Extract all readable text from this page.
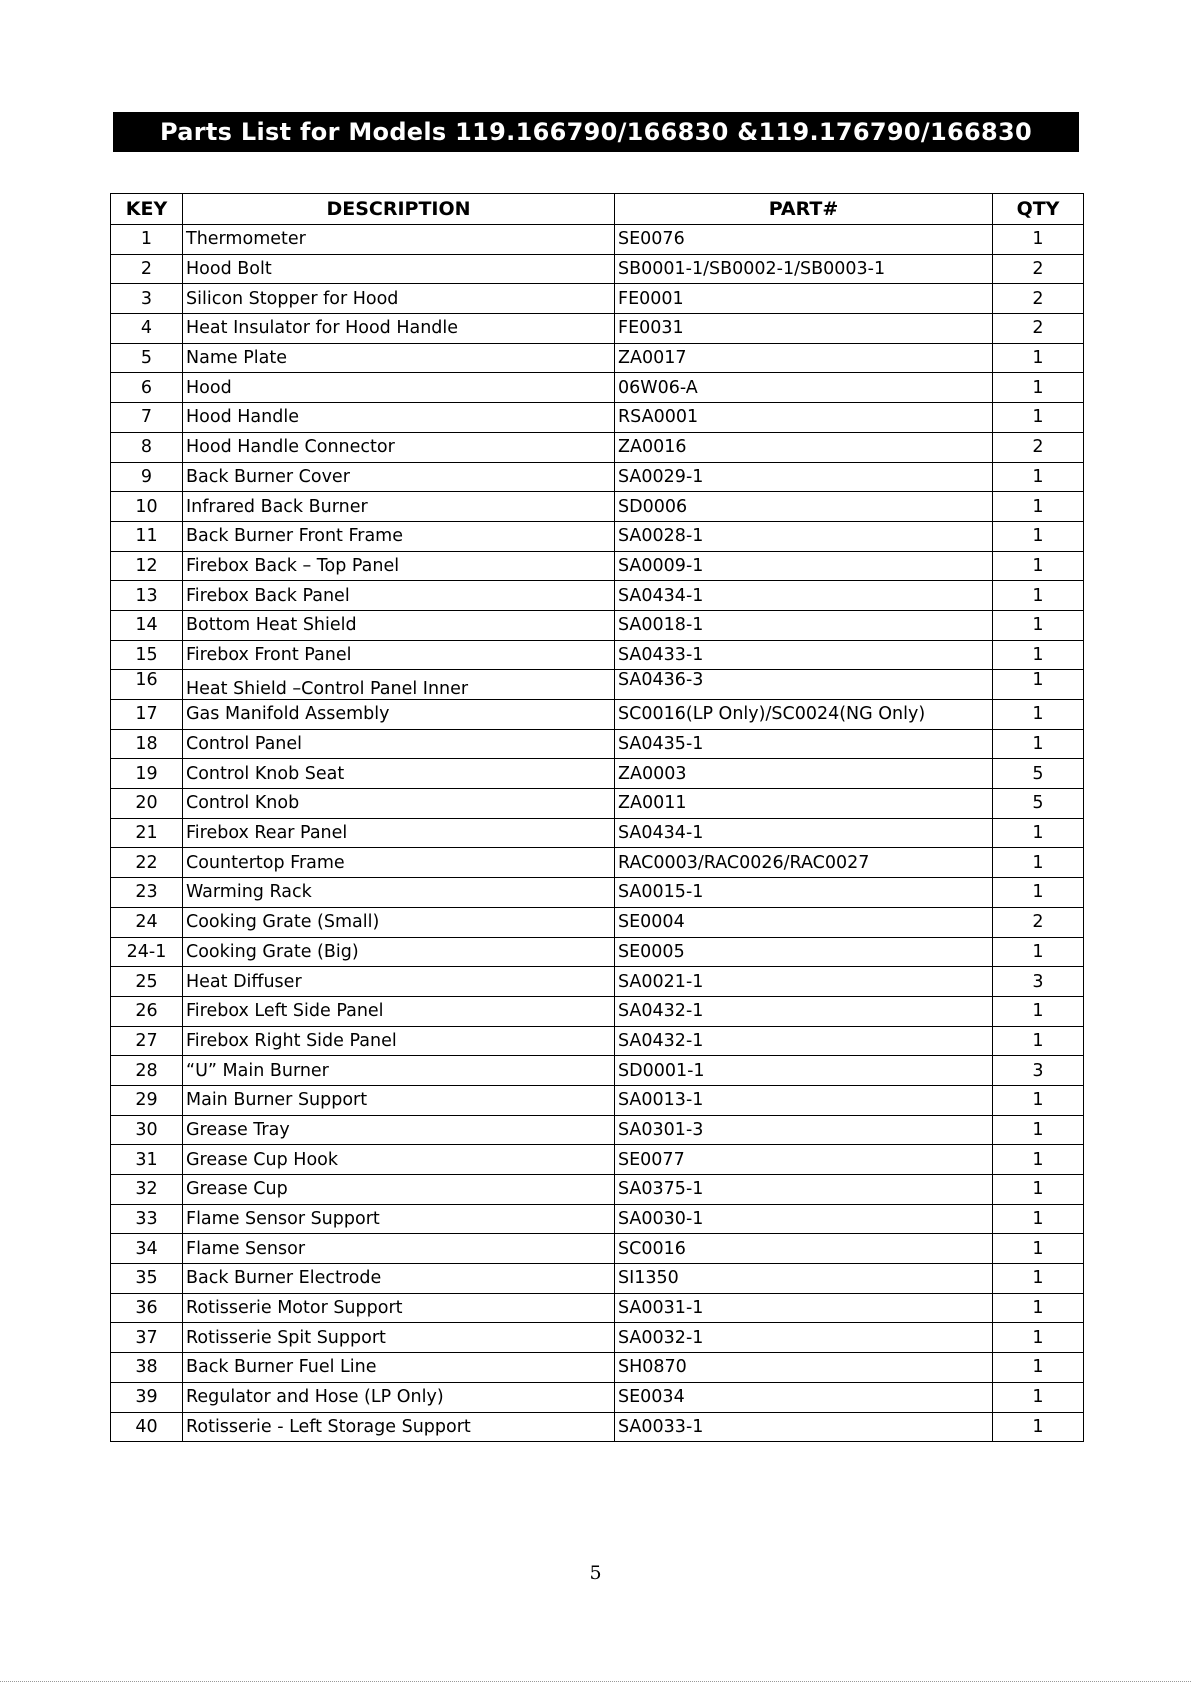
Parts List for Models 119.166790/166830 &119.176790/166830
KEY	DESCRIPTION	PART#	QTY
1	Thermometer	SE0076	1
2	Hood Bolt	SB0001-1/SB0002-1/SB0003-1	2
3	Silicon Stopper for Hood	FE0001	2
4	Heat Insulator for Hood Handle	FE0031	2
5	Name Plate	ZA0017	1
6	Hood	06W06-A	1
7	Hood Handle	RSA0001	1
8	Hood Handle Connector	ZA0016	2
9	Back Burner Cover	SA0029-1	1
10	Infrared Back Burner	SD0006	1
11	Back Burner Front Frame	SA0028-1	1
12	Firebox Back – Top Panel	SA0009-1	1
13	Firebox Back Panel	SA0434-1	1
14	Bottom Heat Shield	SA0018-1	1
15	Firebox Front Panel	SA0433-1	1
16	Heat Shield –Control Panel Inner	SA0436-3	1
17	Gas Manifold Assembly	SC0016(LP Only)/SC0024(NG Only)	1
18	Control Panel	SA0435-1	1
19	Control Knob Seat	ZA0003	5
20	Control Knob	ZA0011	5
21	Firebox Rear Panel	SA0434-1	1
22	Countertop Frame	RAC0003/RAC0026/RAC0027	1
23	Warming Rack	SA0015-1	1
24	Cooking Grate (Small)	SE0004	2
24-1	Cooking Grate (Big)	SE0005	1
25	Heat Diffuser	SA0021-1	3
26	Firebox Left Side Panel	SA0432-1	1
27	Firebox Right Side Panel	SA0432-1	1
28	“U” Main Burner	SD0001-1	3
29	Main Burner Support	SA0013-1	1
30	Grease Tray	SA0301-3	1
31	Grease Cup Hook	SE0077	1
32	Grease Cup	SA0375-1	1
33	Flame Sensor Support	SA0030-1	1
34	Flame Sensor	SC0016	1
35	Back Burner Electrode	SI1350	1
36	Rotisserie Motor Support	SA0031-1	1
37	Rotisserie Spit Support	SA0032-1	1
38	Back Burner Fuel Line	SH0870	1
39	Regulator and Hose (LP Only)	SE0034	1
40	Rotisserie - Left Storage Support	SA0033-1	1
5
